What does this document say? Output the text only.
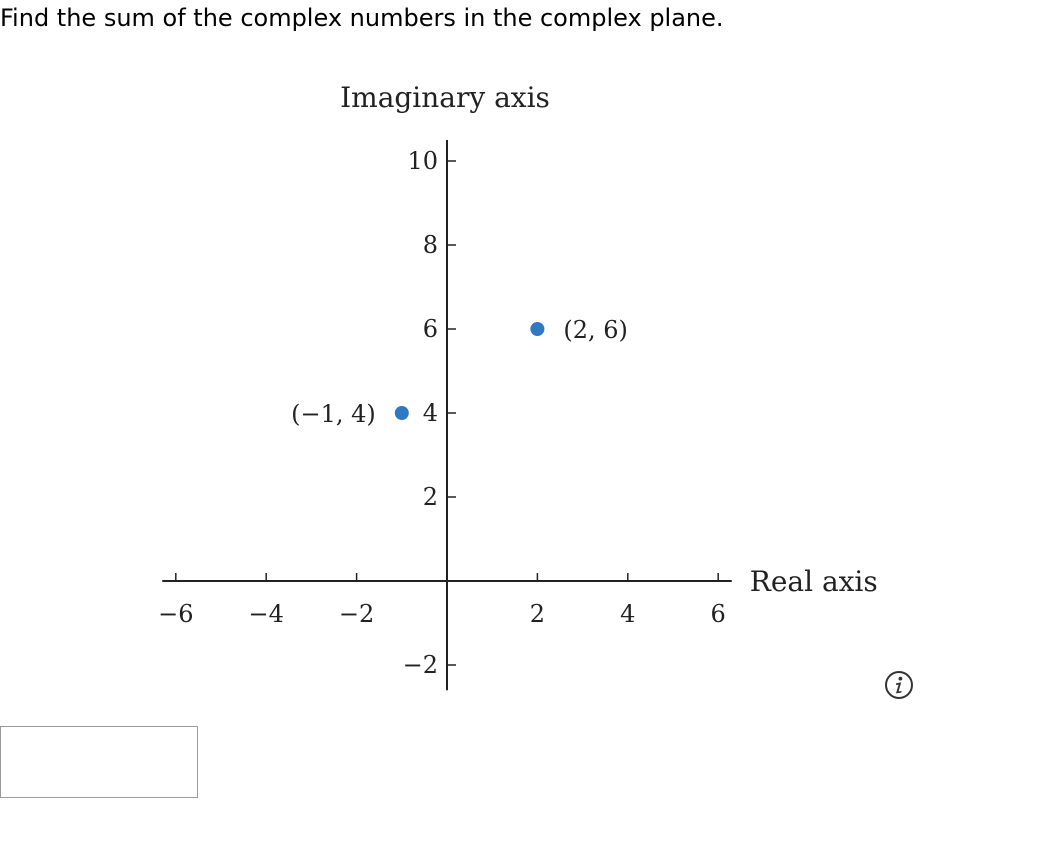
Find the sum of the complex numbers in the complex plane.
−6 −4 −2	2	4	6
−2
2
4
6
8
10
Imaginary axis
Real axis
(−1, 4)
(2, 6)
